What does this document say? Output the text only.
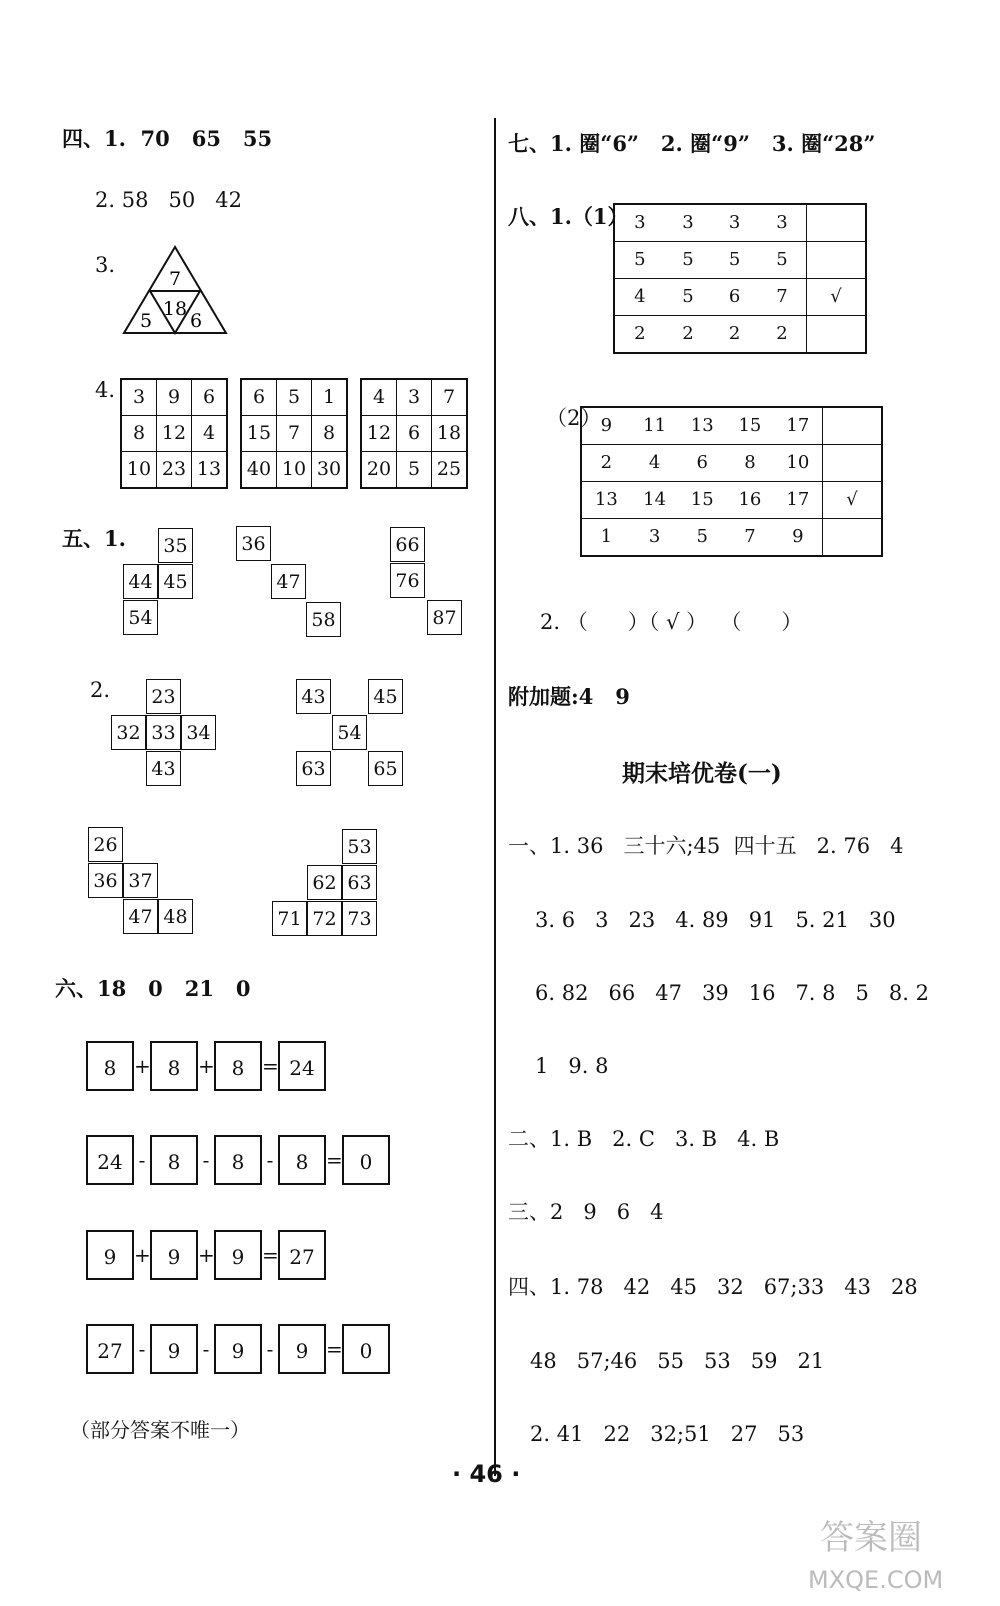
四、1.  70   65   55
2. 58   50   42
3.
7
18
5 6
4. 3	9	6
8	12	4
10	23	13
6	5	1
15	7	8
40	10	30
4	3	7
12	6	18
20	5	25
五、1. 35
44 45
54
36
47
58
66
76
87
2. 23
32 33 34
43
43	45
54
63	65
26
36 37
47 48
53
62 63
71 72 73
六、18   0   21   0
8 + 8 + 8 = 24
24 -	8	-	8	-	8 = 0
9 + 9 + 9 = 27
27 -	9	-	9	-	9 = 0
（部分答案不唯一）
七、1. 圈“6”   2. 圈“9”   3. 圈“28”
八、1.（1） 3	3	3	3	
5	5	5	5	
4	5	6	7	√
2	2	2	2	
（2） 9	11	13	15	17	
2	4	6	8	10	
13	14	15	16	17	√
1	3	5	7	9	
2. （      ）（ √ ）  （      ）
附加题:4   9
期末培优卷(一)
一、1. 36   三十六;45  四十五   2. 76   4
3. 6   3   23   4. 89   91   5. 21   30
6. 82   66   47   39   16   7. 8   5   8. 2
1   9. 8
二、1. B   2. C   3. B   4. B
三、2   9   6   4
四、1. 78   42   45   32   67;33   43   28
48   57;46   55   53   59   21
2. 41   22   32;51   27   53
· 46 ·
答案圈
MXQE.COM
